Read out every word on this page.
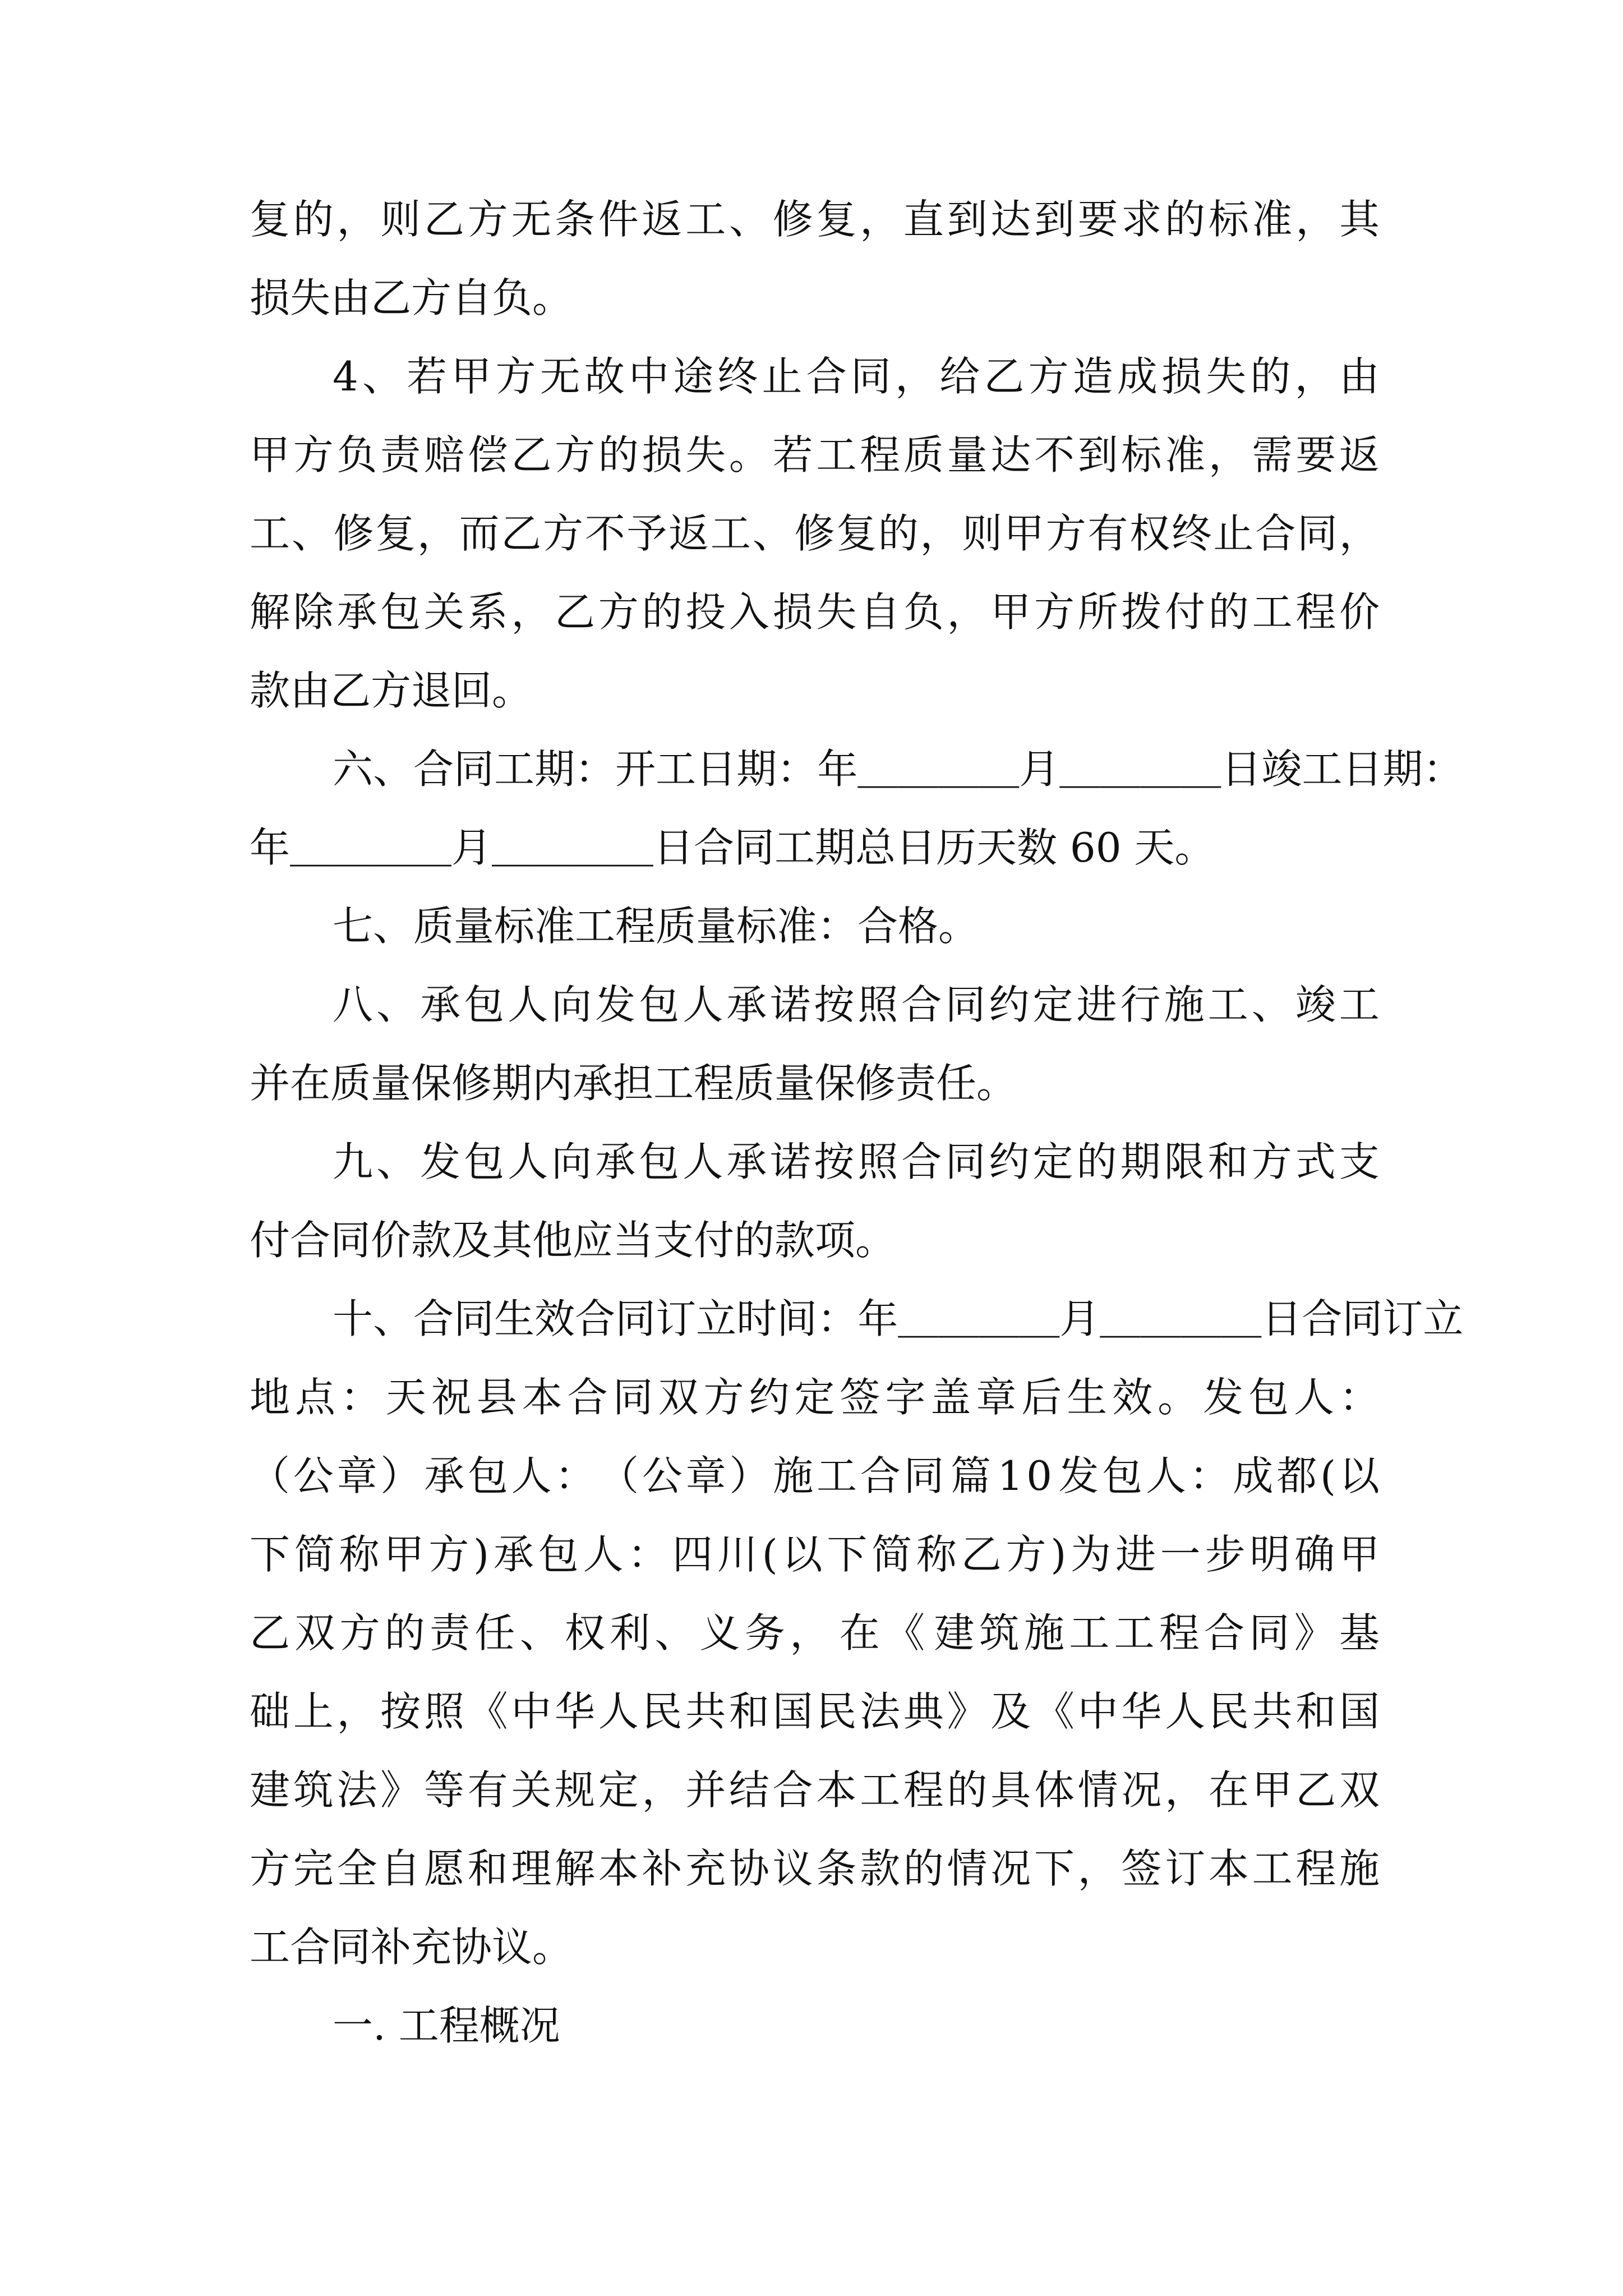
复 的 ， 则 乙 方 无 条 件 返 工 、 修 复 ， 直 到 达 到 要 求 的 标 准 ， 其

损失由乙方自负。

4 、 若 甲 方 无 故 中 途 终 止 合 同 ， 给 乙 方 造 成 损 失 的 ， 由

甲 方 负 责 赔 偿 乙 方 的 损 失 。 若 工 程 质 量 达 不 到 标 准 ， 需 要 返

工 、 修 复 ， 而 乙 方 不 予 返 工 、 修 复 的 ， 则 甲 方 有 权 终 止 合 同 ，

解 除 承 包 关 系 ， 乙 方 的 投 入 损 失 自 负 ， 甲 方 所 拨 付 的 工 程 价

款由乙方退回。

六 、 合 同 工 期 ： 开 工 日 期 ： 年 ＿ ＿ ＿ ＿ 月 ＿ ＿ ＿ ＿ 日 竣 工 日 期 ：

年＿＿＿＿月＿＿＿＿日合同工期总日历天数 60 天。

七、质量标准工程质量标准：合格。

八 、 承 包 人 向 发 包 人 承 诺 按 照 合 同 约 定 进 行 施 工 、 竣 工

并在质量保修期内承担工程质量保修责任。

九 、 发 包 人 向 承 包 人 承 诺 按 照 合 同 约 定 的 期 限 和 方 式 支

付合同价款及其他应当支付的款项。

十 、 合 同 生 效 合 同 订 立 时 间 ： 年 ＿ ＿ ＿ ＿ 月 ＿ ＿ ＿ ＿ 日 合 同 订 立

地 点 ： 天 祝 县 本 合 同 双 方 约 定 签 字 盖 章 后 生 效 。 发 包 人 ：

（ 公 章 ） 承 包 人 ： （ 公 章 ） 施 工 合 同 篇 1 0 发 包 人 ： 成 都 ( 以

下 简 称 甲 方 ) 承 包 人 ： 四 川 ( 以 下 简 称 乙 方 ) 为 进 一 步 明 确 甲

乙 双 方 的 责 任 、 权 利 、 义 务 ， 在 《 建 筑 施 工 工 程 合 同 》 基

础 上 ， 按 照 《 中 华 人 民 共 和 国 民 法 典 》 及 《 中 华 人 民 共 和 国

建 筑 法 》 等 有 关 规 定 ， 并 结 合 本 工 程 的 具 体 情 况 ， 在 甲 乙 双

方 完 全 自 愿 和 理 解 本 补 充 协 议 条 款 的 情 况 下 ， 签 订 本 工 程 施

工合同补充协议。

一. 工程概况
